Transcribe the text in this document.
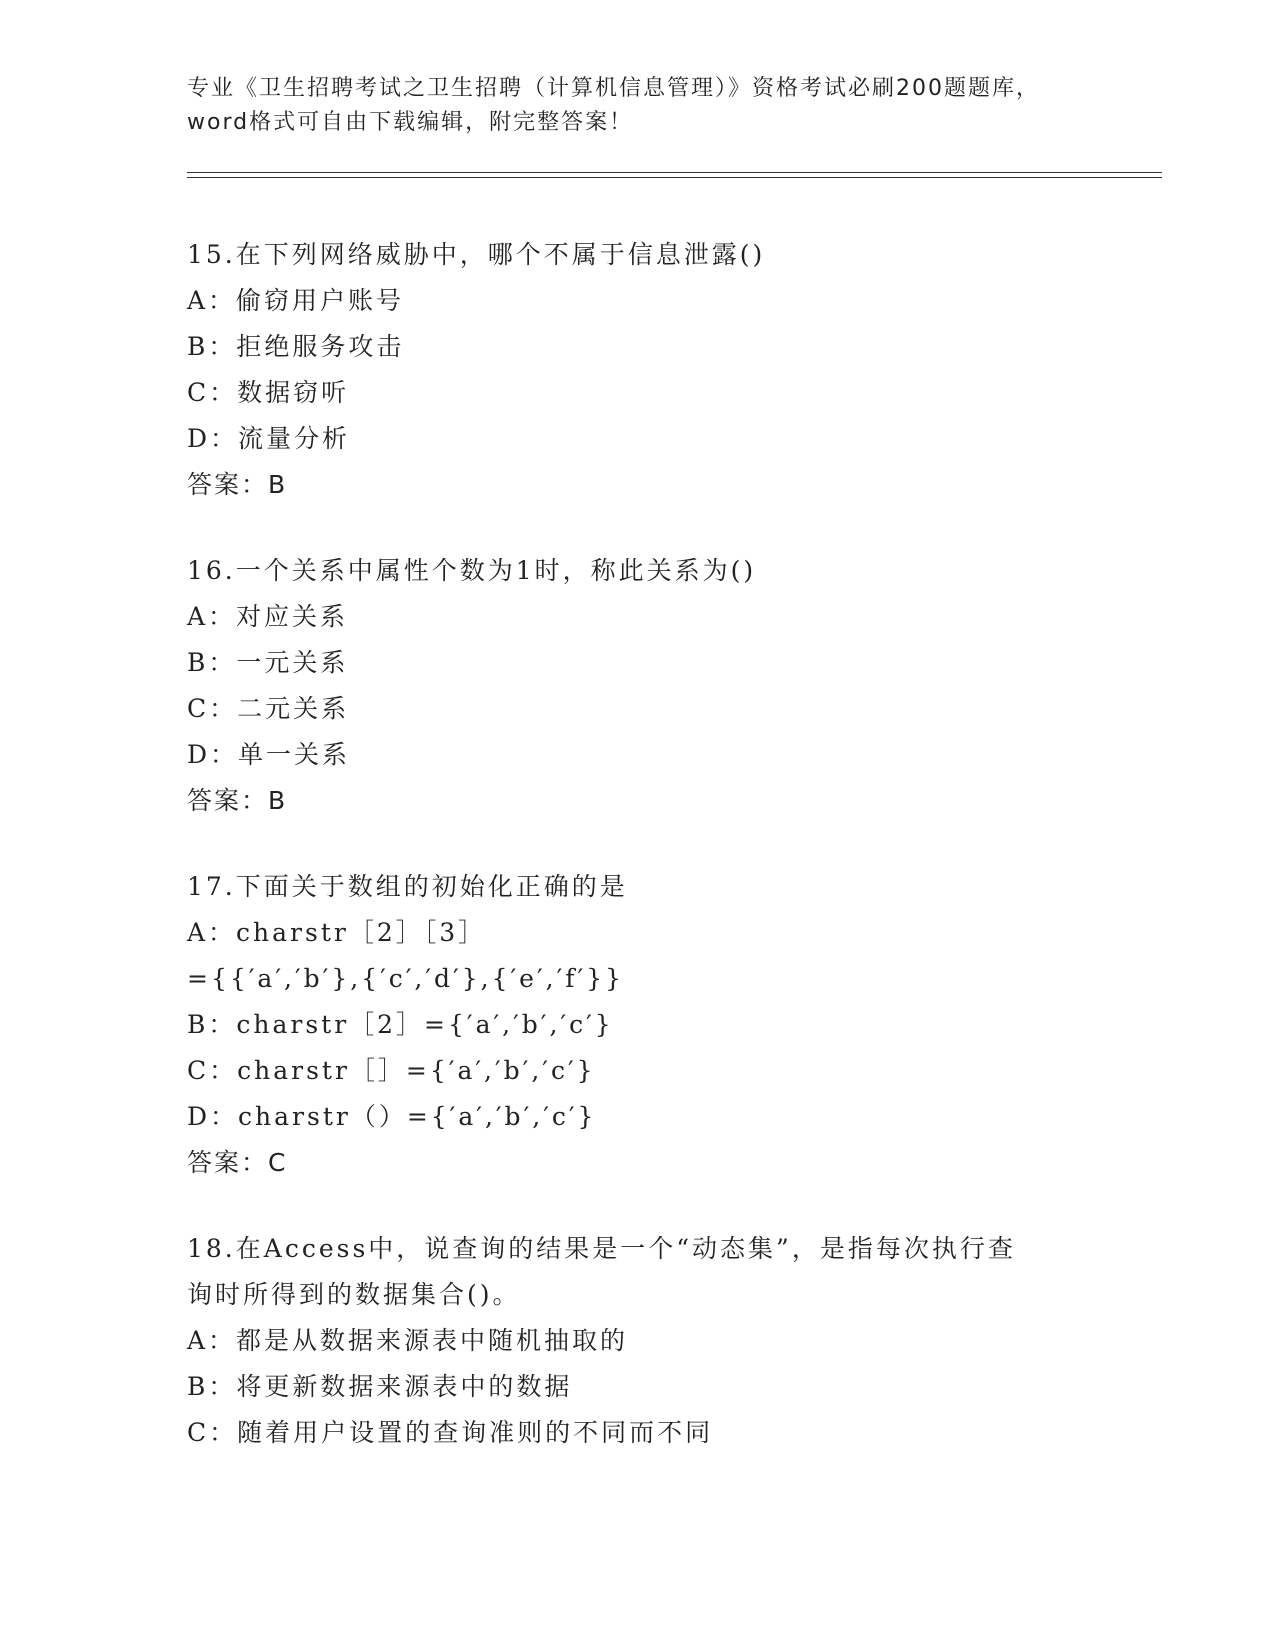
专业《卫生招聘考试之卫生招聘（计算机信息管理）》资格考试必刷200题题库，
word格式可自由下载编辑，附完整答案！
15.在下列网络威胁中，哪个不属于信息泄露()
A：偷窃用户账号
B：拒绝服务攻击
C：数据窃听
D：流量分析
答案：B
16.一个关系中属性个数为1时，称此关系为()
A：对应关系
B：一元关系
C：二元关系
D：单一关系
答案：B
17.下面关于数组的初始化正确的是
A：charstr［2］［3］
={{′a′,′b′},{′c′,′d′},{′e′,′f′}}
B：charstr［2］={′a′,′b′,′c′}
C：charstr［］={′a′,′b′,′c′}
D：charstr（）={′a′,′b′,′c′}
答案：C
18.在Access中，说查询的结果是一个“动态集”，是指每次执行查
询时所得到的数据集合()。
A：都是从数据来源表中随机抽取的
B：将更新数据来源表中的数据
C：随着用户设置的查询准则的不同而不同
